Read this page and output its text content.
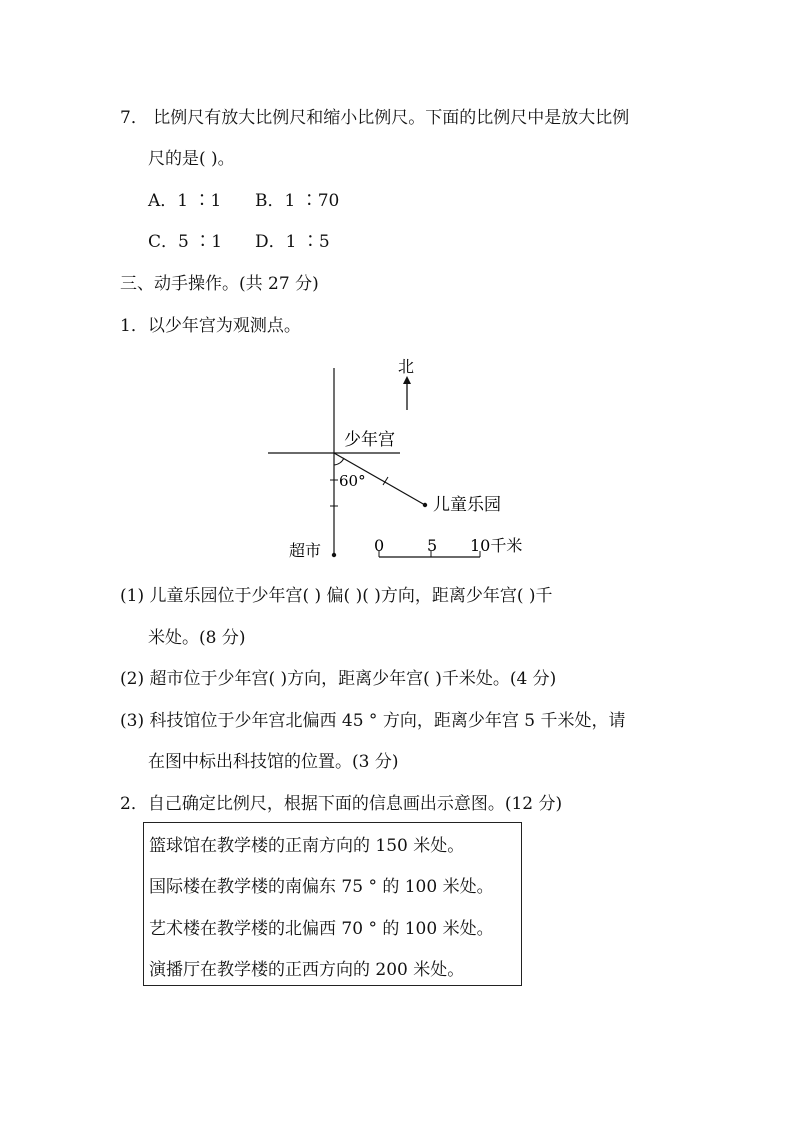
7． 比例尺有放大比例尺和缩小比例尺。下面的比例尺中是放大比例
尺的是( )。
A．1 ∶1 B．1 ∶70
C．5 ∶1 D．1 ∶5
三、动手操作。(共 27 分)
1．以少年宫为观测点。
北
少年宫
60°
儿童乐园
超市	0	5 10千米
(1) 儿童乐园位于少年宫( ) 偏( )( )方向，距离少年宫( )千
米处。(8 分)
(2) 超市位于少年宫( )方向，距离少年宫( )千米处。(4 分)
(3) 科技馆位于少年宫北偏西 45 ° 方向，距离少年宫 5 千米处，请
在图中标出科技馆的位置。(3 分)
2．自己确定比例尺，根据下面的信息画出示意图。(12 分)
篮球馆在教学楼的正南方向的 150 米处。
国际楼在教学楼的南偏东 75 ° 的 100 米处。
艺术楼在教学楼的北偏西 70 ° 的 100 米处。
演播厅在教学楼的正西方向的 200 米处。
